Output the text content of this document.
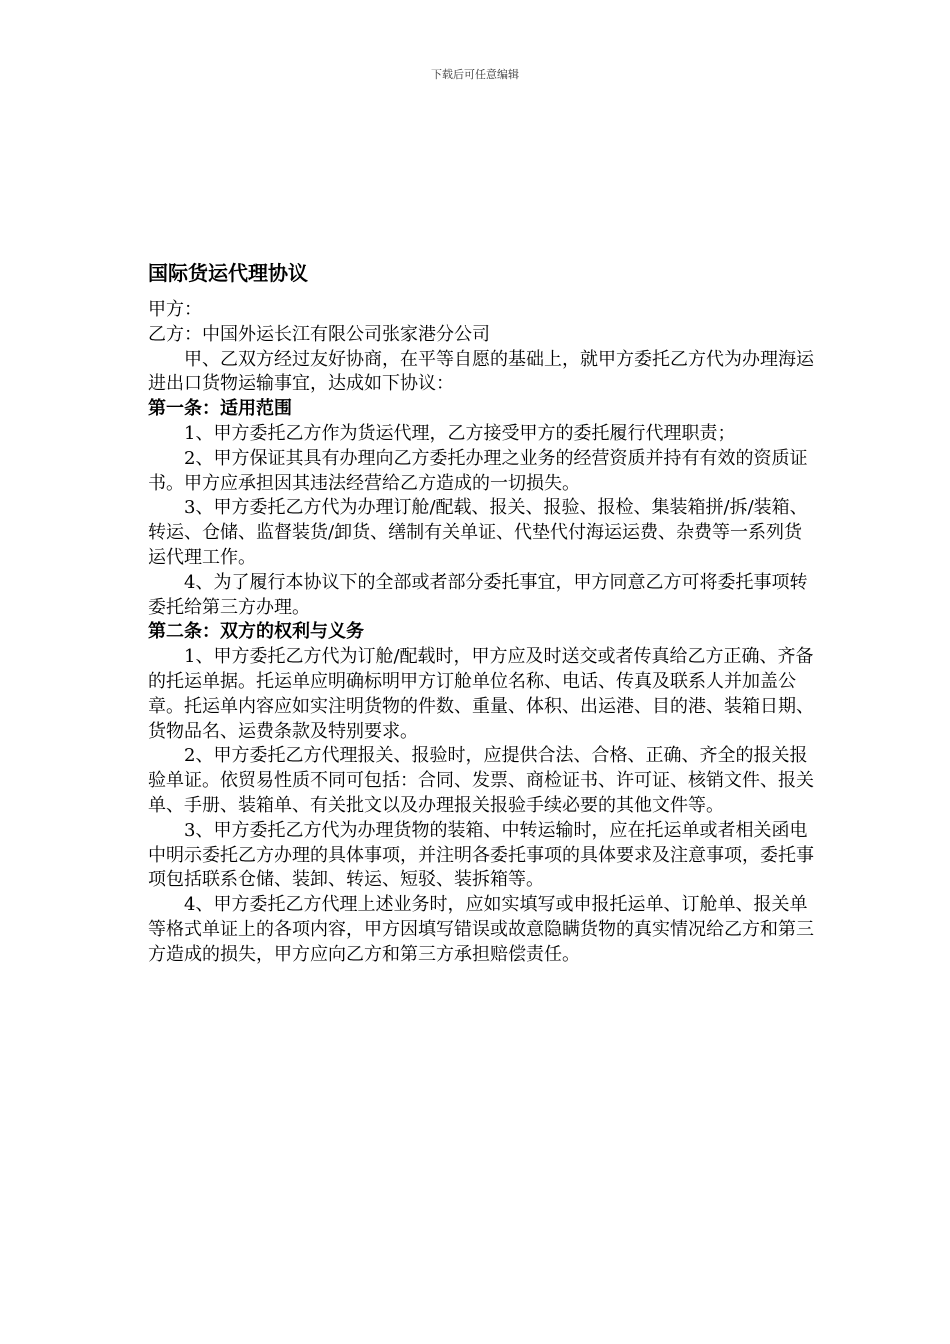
下载后可任意编辑

国际货运代理协议

甲方：

乙方：中国外运长江有限公司张家港分公司

甲、乙双方经过友好协商，在平等自愿的基础上，就甲方委托乙方代为办理海运进出口货物运输事宜，达成如下协议：

第一条：适用范围

1、甲方委托乙方作为货运代理，乙方接受甲方的委托履行代理职责；

2、甲方保证其具有办理向乙方委托办理之业务的经营资质并持有有效的资质证书。甲方应承担因其违法经营给乙方造成的一切损失。

3、甲方委托乙方代为办理订舱/配载、报关、报验、报检、集装箱拼/拆/装箱、转运、仓储、监督装货/卸货、缮制有关单证、代垫代付海运运费、杂费等一系列货运代理工作。

4、为了履行本协议下的全部或者部分委托事宜，甲方同意乙方可将委托事项转委托给第三方办理。

第二条：双方的权利与义务

1、甲方委托乙方代为订舱/配载时，甲方应及时送交或者传真给乙方正确、齐备的托运单据。托运单应明确标明甲方订舱单位名称、电话、传真及联系人并加盖公章。托运单内容应如实注明货物的件数、重量、体积、出运港、目的港、装箱日期、货物品名、运费条款及特别要求。

2、甲方委托乙方代理报关、报验时，应提供合法、合格、正确、齐全的报关报验单证。依贸易性质不同可包括：合同、发票、商检证书、许可证、核销文件、报关单、手册、装箱单、有关批文以及办理报关报验手续必要的其他文件等。

3、甲方委托乙方代为办理货物的装箱、中转运输时，应在托运单或者相关函电中明示委托乙方办理的具体事项，并注明各委托事项的具体要求及注意事项，委托事项包括联系仓储、装卸、转运、短驳、装拆箱等。

4、甲方委托乙方代理上述业务时，应如实填写或申报托运单、订舱单、报关单等格式单证上的各项内容，甲方因填写错误或故意隐瞒货物的真实情况给乙方和第三方造成的损失，甲方应向乙方和第三方承担赔偿责任。
